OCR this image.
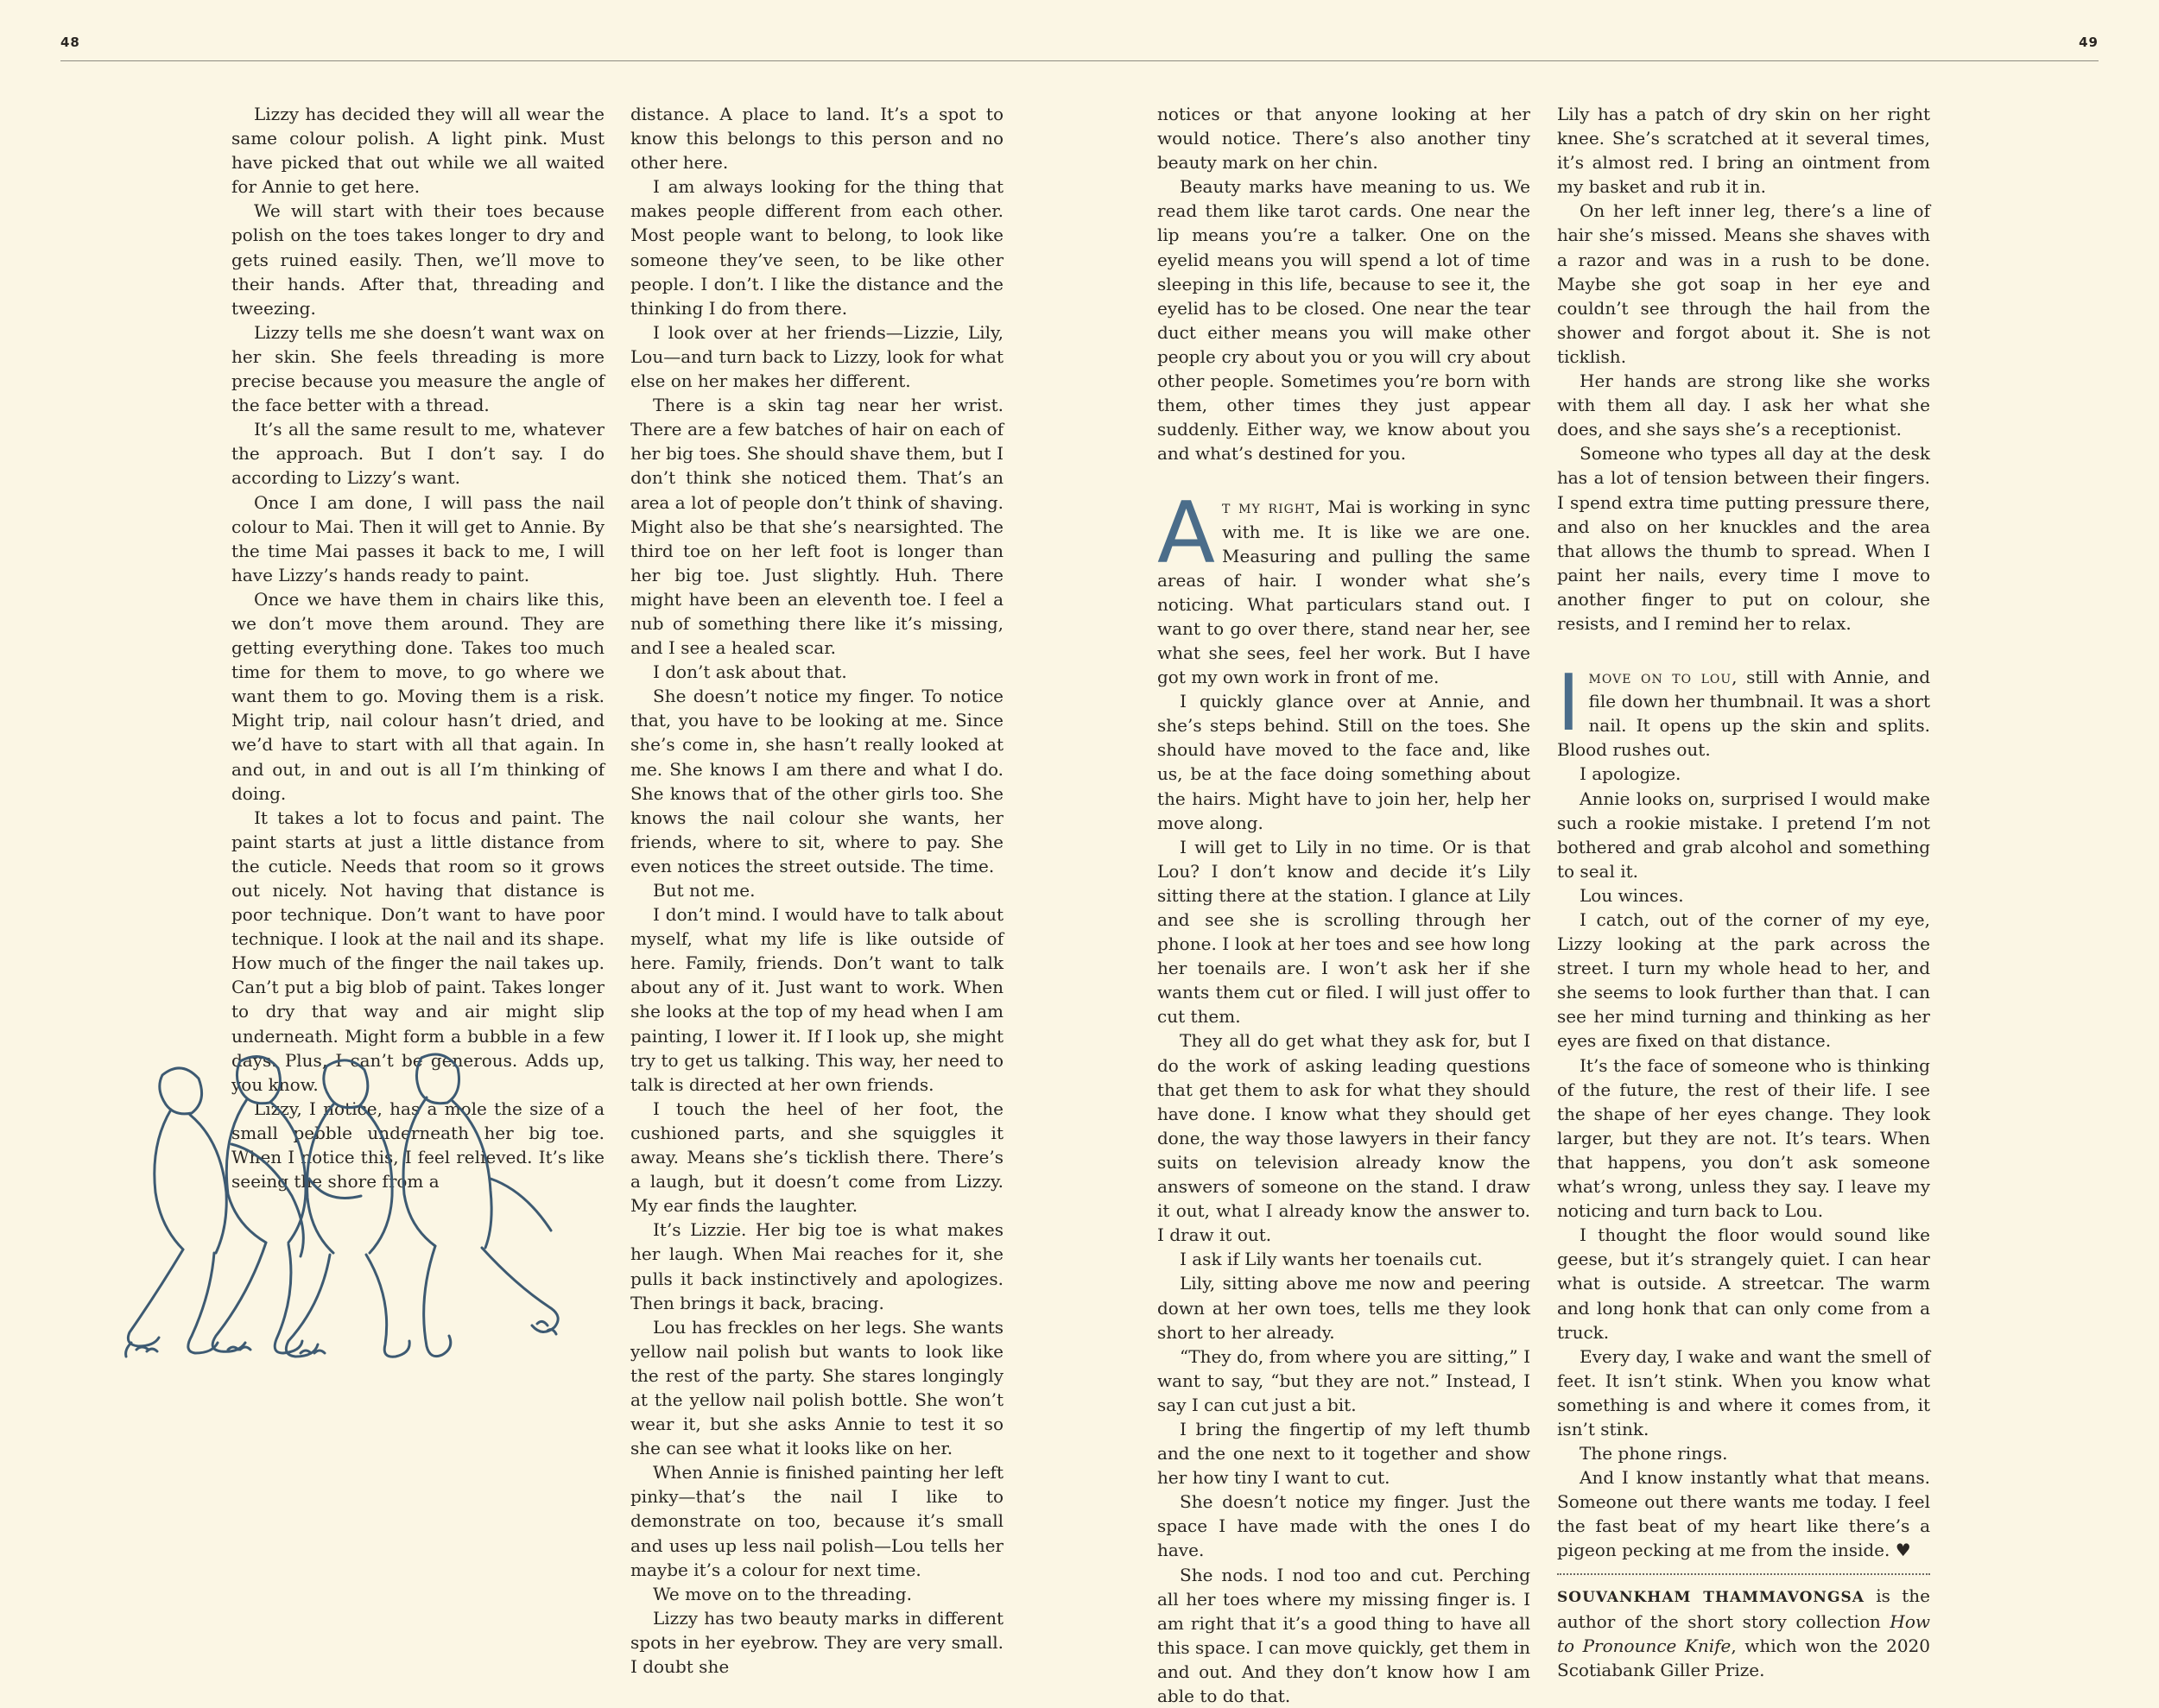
48	49

Lizzy has decided they will all wear the same colour polish. A light pink. Must have picked that out while we all waited for Annie to get here.

We will start with their toes because polish on the toes takes longer to dry and gets ruined easily. Then, we’ll move to their hands. After that, threading and tweezing.

Lizzy tells me she doesn’t want wax on her skin. She feels threading is more precise because you measure the angle of the face better with a thread.

It’s all the same result to me, whatever the approach. But I don’t say. I do according to Lizzy’s want.

Once I am done, I will pass the nail colour to Mai. Then it will get to Annie. By the time Mai passes it back to me, I will have Lizzy’s hands ready to paint.

Once we have them in chairs like this, we don’t move them around. They are getting everything done. Takes too much time for them to move, to go where we want them to go. Moving them is a risk. Might trip, nail colour hasn’t dried, and we’d have to start with all that again. In and out, in and out is all I’m thinking of doing.

It takes a lot to focus and paint. The paint starts at just a little distance from the cuticle. Needs that room so it grows out nicely. Not having that distance is poor technique. Don’t want to have poor technique. I look at the nail and its shape. How much of the finger the nail takes up. Can’t put a big blob of paint. Takes longer to dry that way and air might slip underneath. Might form a bubble in a few days. Plus, I can’t be generous. Adds up, you know.

Lizzy, I notice, has a mole the size of a small pebble underneath her big toe. When I notice this, I feel relieved. It’s like seeing the shore from a

distance. A place to land. It’s a spot to know this belongs to this person and no other here.

I am always looking for the thing that makes people different from each other. Most people want to belong, to look like someone they’ve seen, to be like other people. I don’t. I like the distance and the thinking I do from there.

I look over at her friends—Lizzie, Lily, Lou—and turn back to Lizzy, look for what else on her makes her different.

There is a skin tag near her wrist. There are a few batches of hair on each of her big toes. She should shave them, but I don’t think she noticed them. That’s an area a lot of people don’t think of shaving. Might also be that she’s nearsighted. The third toe on her left foot is longer than her big toe. Just slightly. Huh. There might have been an eleventh toe. I feel a nub of something there like it’s missing, and I see a healed scar.

I don’t ask about that.

She doesn’t notice my finger. To notice that, you have to be looking at me. Since she’s come in, she hasn’t really looked at me. She knows I am there and what I do. She knows that of the other girls too. She knows the nail colour she wants, her friends, where to sit, where to pay. She even notices the street outside. The time.

But not me.

I don’t mind. I would have to talk about myself, what my life is like outside of here. Family, friends. Don’t want to talk about any of it. Just want to work. When she looks at the top of my head when I am painting, I lower it. If I look up, she might try to get us talking. This way, her need to talk is directed at her own friends.

I touch the heel of her foot, the cushioned parts, and she squiggles it away. Means she’s ticklish there. There’s a laugh, but it doesn’t come from Lizzy. My ear finds the laughter.

It’s Lizzie. Her big toe is what makes her laugh. When Mai reaches for it, she pulls it back instinctively and apologizes. Then brings it back, bracing.

Lou has freckles on her legs. She wants yellow nail polish but wants to look like the rest of the party. She stares longingly at the yellow nail polish bottle. She won’t wear it, but she asks Annie to test it so she can see what it looks like on her.

When Annie is finished painting her left pinky—that’s the nail I like to demonstrate on too, because it’s small and uses up less nail polish—Lou tells her maybe it’s a colour for next time.

We move on to the threading.

Lizzy has two beauty marks in different spots in her eyebrow. They are very small. I doubt she

notices or that anyone looking at her would notice. There’s also another tiny beauty mark on her chin.

Beauty marks have meaning to us. We read them like tarot cards. One near the lip means you’re a talker. One on the eyelid means you will spend a lot of time sleeping in this life, because to see it, the eyelid has to be closed. One near the tear duct either means you will make other people cry about you or you will cry about other people. Sometimes you’re born with them, other times they just appear suddenly. Either way, we know about you and what’s destined for you.

At my right, Mai is working in sync with me. It is like we are one. Measuring and pulling the same areas of hair. I wonder what she’s noticing. What particulars stand out. I want to go over there, stand near her, see what she sees, feel her work. But I have got my own work in front of me.

I quickly glance over at Annie, and she’s steps behind. Still on the toes. She should have moved to the face and, like us, be at the face doing something about the hairs. Might have to join her, help her move along.

I will get to Lily in no time. Or is that Lou? I don’t know and decide it’s Lily sitting there at the station. I glance at Lily and see she is scrolling through her phone. I look at her toes and see how long her toenails are. I won’t ask her if she wants them cut or filed. I will just offer to cut them.

They all do get what they ask for, but I do the work of asking leading questions that get them to ask for what they should have done. I know what they should get done, the way those lawyers in their fancy suits on television already know the answers of someone on the stand. I draw it out, what I already know the answer to. I draw it out.

I ask if Lily wants her toenails cut.

Lily, sitting above me now and peering down at her own toes, tells me they look short to her already.

“They do, from where you are sitting,” I want to say, “but they are not.” Instead, I say I can cut just a bit.

I bring the fingertip of my left thumb and the one next to it together and show her how tiny I want to cut.

She doesn’t notice my finger. Just the space I have made with the ones I do have.

She nods. I nod too and cut. Perching all her toes where my missing finger is. I am right that it’s a good thing to have all this space. I can move quickly, get them in and out. And they don’t know how I am able to do that.

Lily has a patch of dry skin on her right knee. She’s scratched at it several times, it’s almost red. I bring an ointment from my basket and rub it in.

On her left inner leg, there’s a line of hair she’s missed. Means she shaves with a razor and was in a rush to be done. Maybe she got soap in her eye and couldn’t see through the hail from the shower and forgot about it. She is not ticklish.

Her hands are strong like she works with them all day. I ask her what she does, and she says she’s a receptionist.

Someone who types all day at the desk has a lot of tension between their fingers. I spend extra time putting pressure there, and also on her knuckles and the area that allows the thumb to spread. When I paint her nails, every time I move to another finger to put on colour, she resists, and I remind her to relax.

I move on to lou, still with Annie, and file down her thumbnail. It was a short nail. It opens up the skin and splits. Blood rushes out.

I apologize.

Annie looks on, surprised I would make such a rookie mistake. I pretend I’m not bothered and grab alcohol and something to seal it.

Lou winces.

I catch, out of the corner of my eye, Lizzy looking at the park across the street. I turn my whole head to her, and she seems to look further than that. I can see her mind turning and thinking as her eyes are fixed on that distance.

It’s the face of someone who is thinking of the future, the rest of their life. I see the shape of her eyes change. They look larger, but they are not. It’s tears. When that happens, you don’t ask someone what’s wrong, unless they say. I leave my noticing and turn back to Lou.

I thought the floor would sound like geese, but it’s strangely quiet. I can hear what is outside. A streetcar. The warm and long honk that can only come from a truck.

Every day, I wake and want the smell of feet. It isn’t stink. When you know what something is and where it comes from, it isn’t stink.

The phone rings.

And I know instantly what that means. Someone out there wants me today. I feel the fast beat of my heart like there’s a pigeon pecking at me from the inside. ♥

SOUVANKHAM THAMMAVONGSA is the author of the short story collection How to Pronounce Knife, which won the 2020 Scotiabank Giller Prize.
